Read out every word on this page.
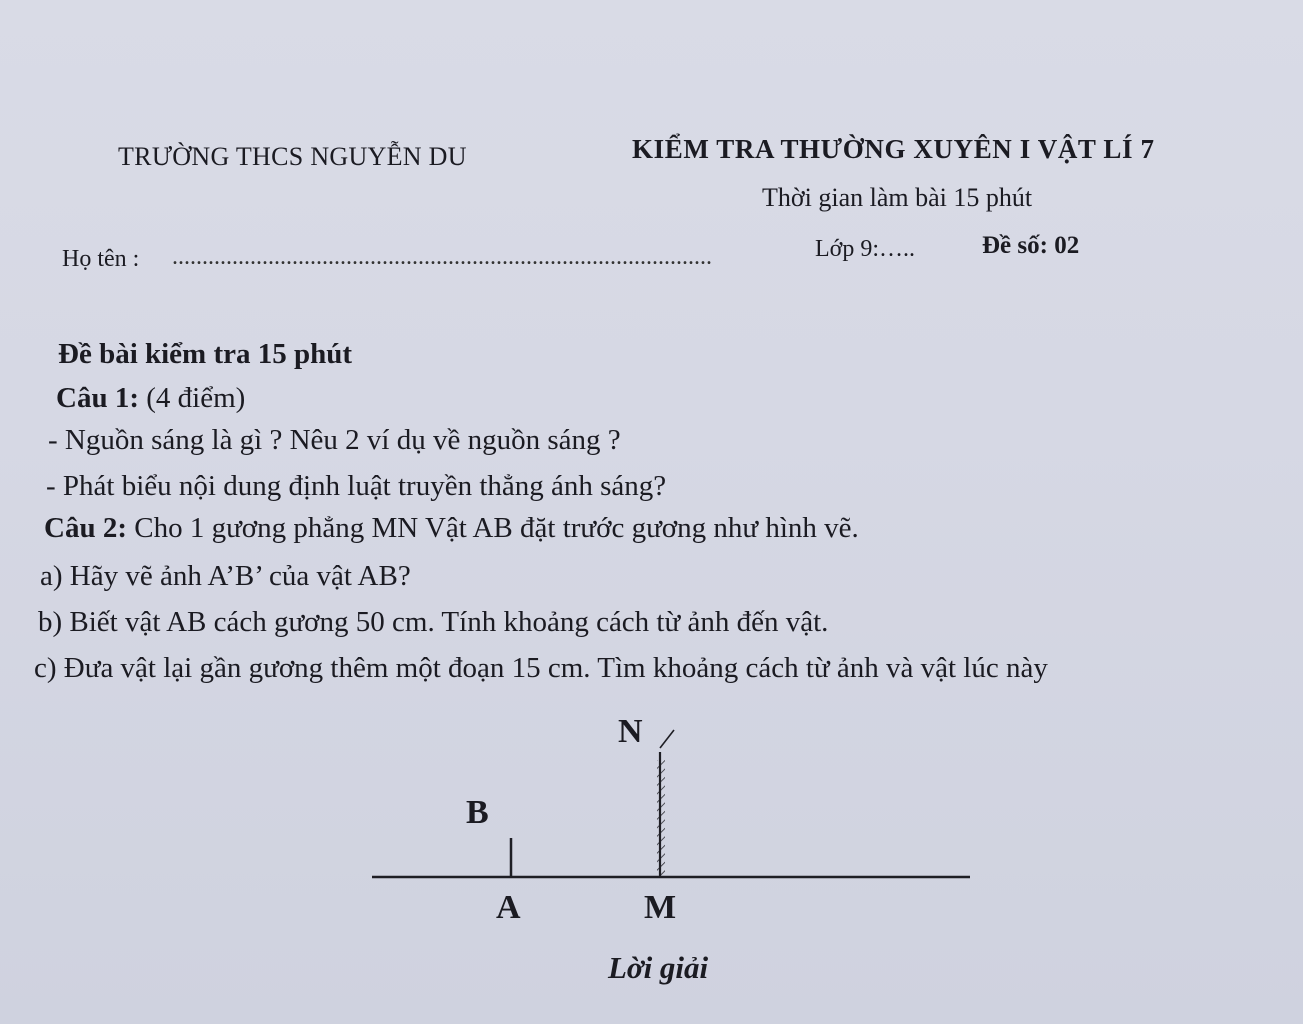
TRƯỜNG THCS NGUYỄN DU	KIỂM TRA THƯỜNG XUYÊN I VẬT LÍ 7
Thời gian làm bài 15 phút
Họ tên : ..........................................................................................	Lớp 9:…..	Đề số: 02
Đề bài kiểm tra 15 phút
Câu 1: (4 điểm)
- Nguồn sáng là gì ? Nêu 2 ví dụ về nguồn sáng ?
- Phát biểu nội dung định luật truyền thẳng ánh sáng?
Câu 2: Cho 1 gương phẳng MN Vật AB đặt trước gương như hình vẽ.
a) Hãy vẽ ảnh A’B’ của vật AB?
b) Biết vật AB cách gương 50 cm. Tính khoảng cách từ ảnh đến vật.
c) Đưa vật lại gần gương thêm một đoạn 15 cm. Tìm khoảng cách từ ảnh và vật lúc này
N
B
A	M
Lời giải
